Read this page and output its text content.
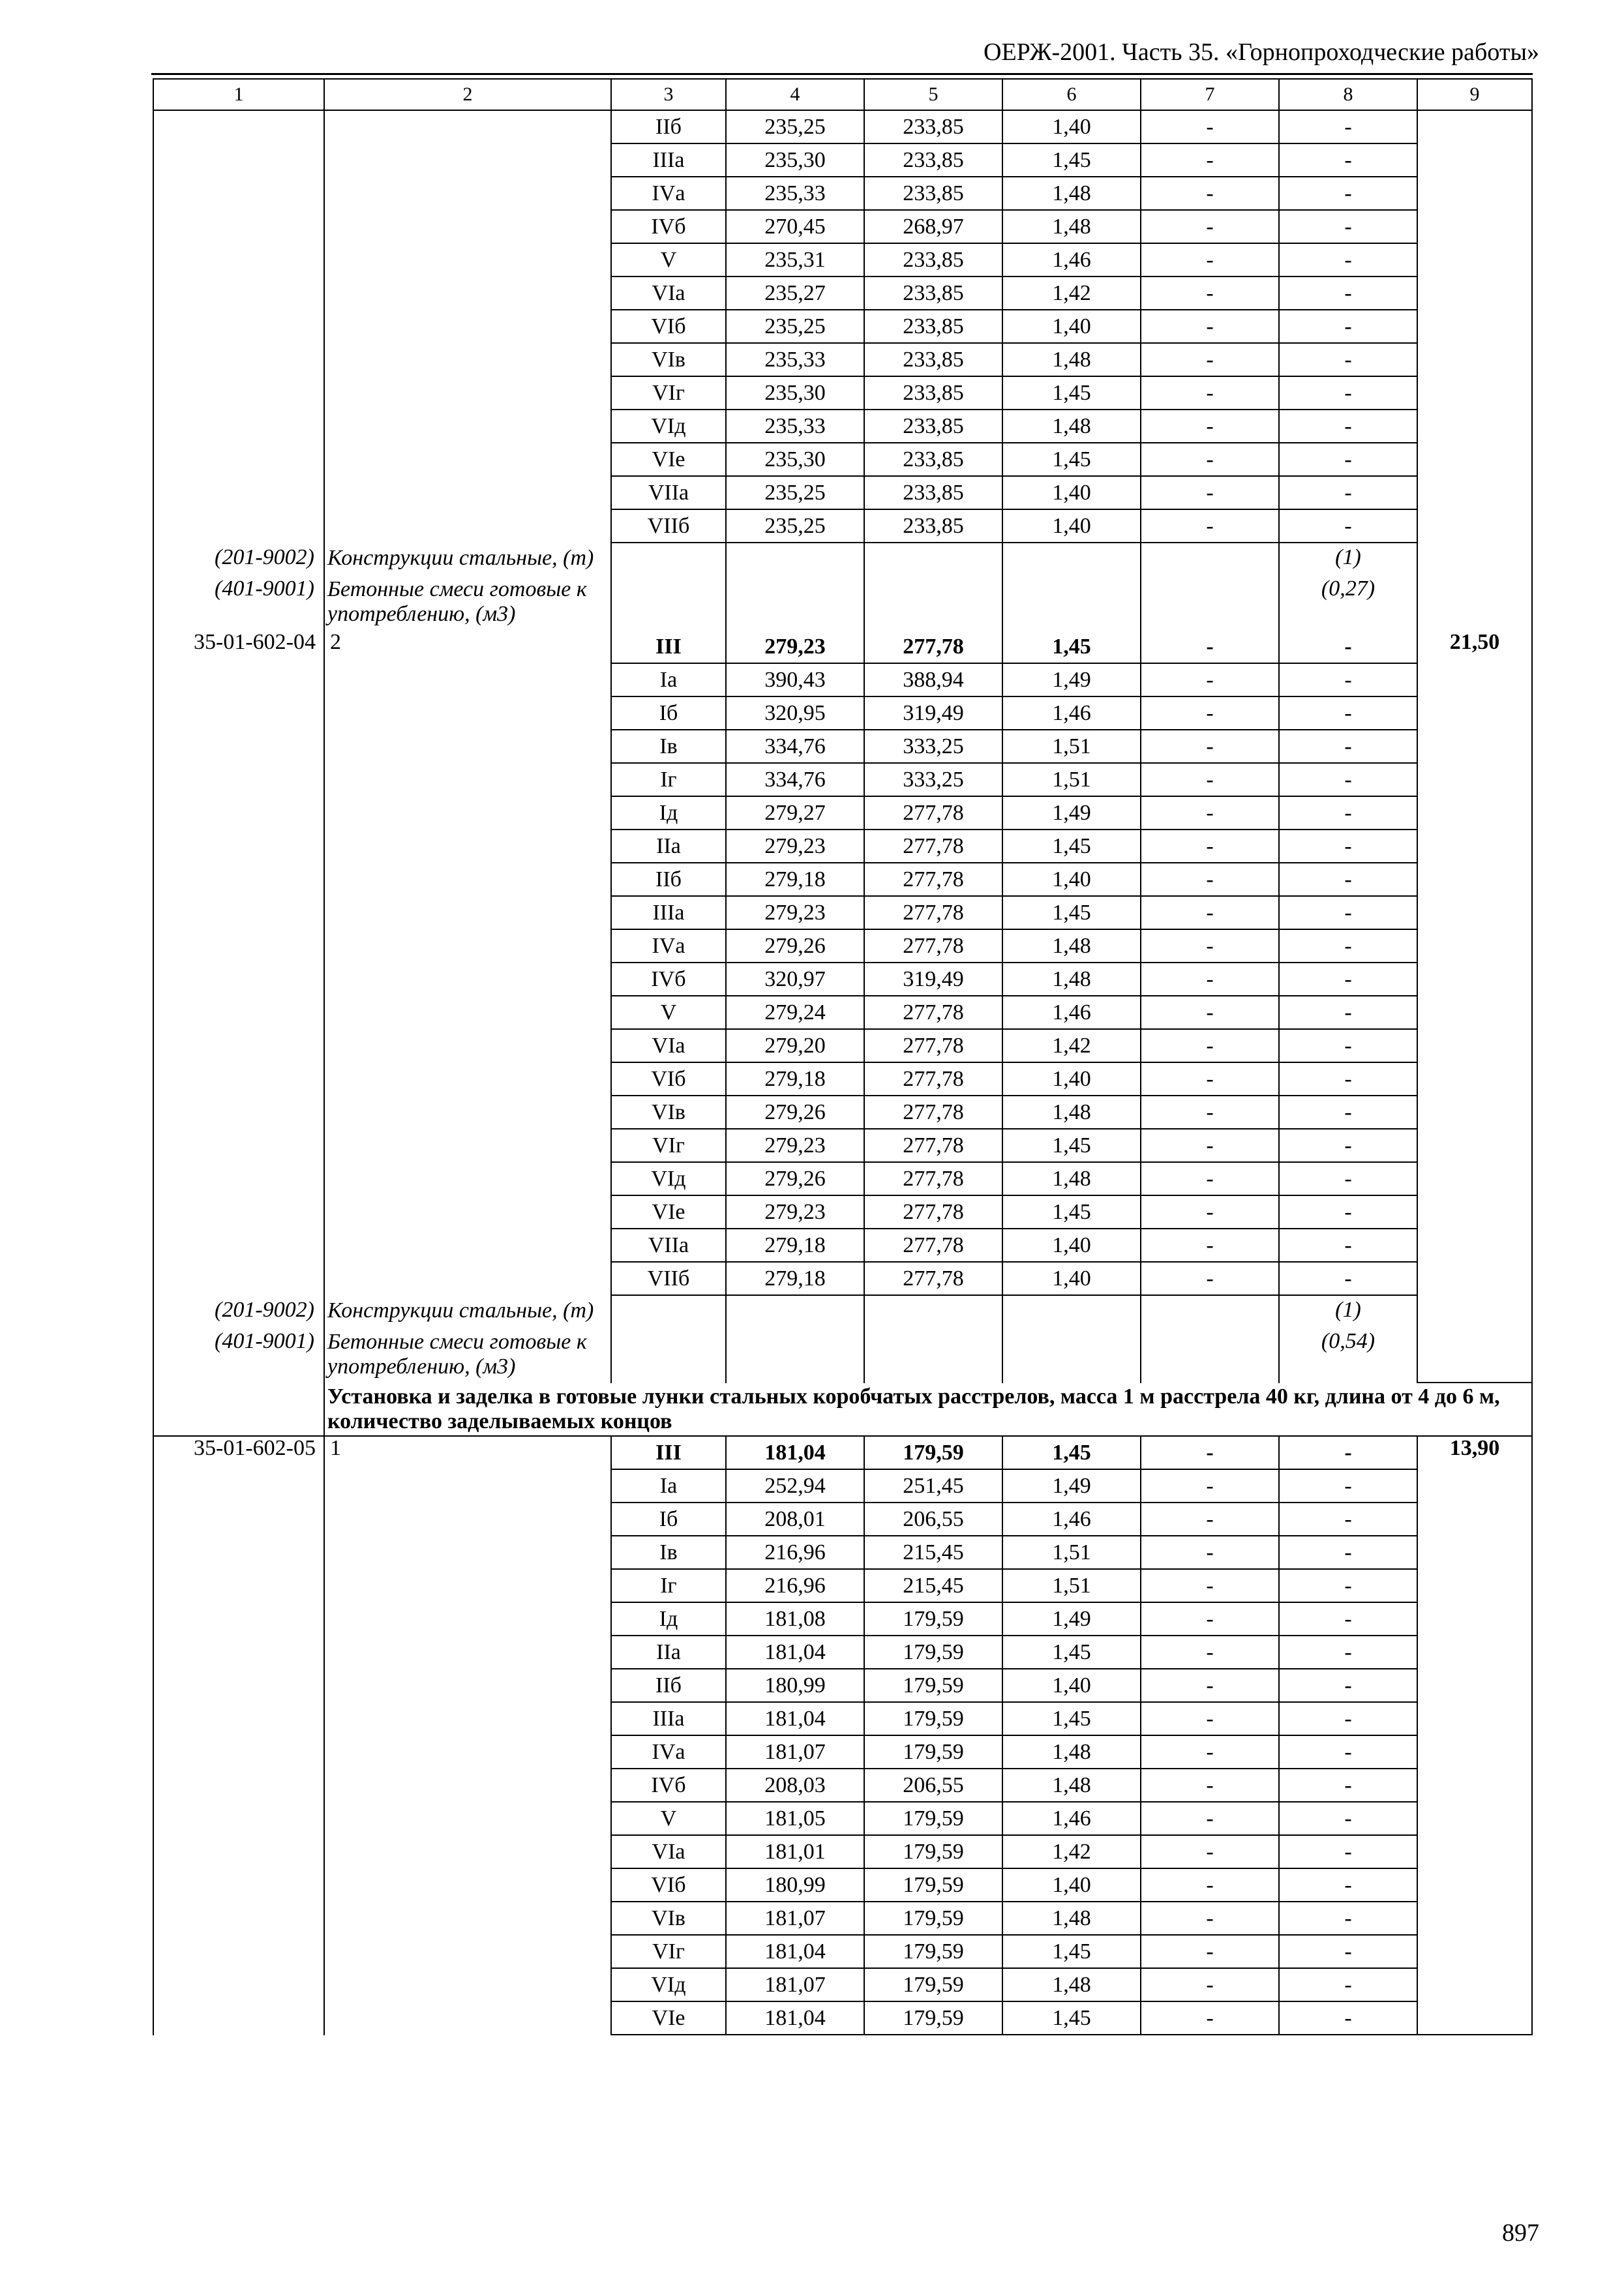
ОЕРЖ-2001. Часть 35. «Горнопроходческие работы»
1	2	3	4	5	6	7	8	9
		IIб	235,25	233,85	1,40	-	-	
		IIIа	235,30	233,85	1,45	-	-	
		IVа	235,33	233,85	1,48	-	-	
		IVб	270,45	268,97	1,48	-	-	
		V	235,31	233,85	1,46	-	-	
		VIа	235,27	233,85	1,42	-	-	
		VIб	235,25	233,85	1,40	-	-	
		VIв	235,33	233,85	1,48	-	-	
		VIг	235,30	233,85	1,45	-	-	
		VIд	235,33	233,85	1,48	-	-	
		VIе	235,30	233,85	1,45	-	-	
		VIIа	235,25	233,85	1,40	-	-	
		VIIб	235,25	233,85	1,40	-	-	
(201-9002)	Конструкции стальные, (т)						(1)	
(401-9001)	Бетонные смеси готовые к употреблению, (м3)						(0,27)	
35-01-602-04	2	III	279,23	277,78	1,45	-	-	21,50
		Iа	390,43	388,94	1,49	-	-	
		Iб	320,95	319,49	1,46	-	-	
		Iв	334,76	333,25	1,51	-	-	
		Iг	334,76	333,25	1,51	-	-	
		Iд	279,27	277,78	1,49	-	-	
		IIа	279,23	277,78	1,45	-	-	
		IIб	279,18	277,78	1,40	-	-	
		IIIа	279,23	277,78	1,45	-	-	
		IVа	279,26	277,78	1,48	-	-	
		IVб	320,97	319,49	1,48	-	-	
		V	279,24	277,78	1,46	-	-	
		VIа	279,20	277,78	1,42	-	-	
		VIб	279,18	277,78	1,40	-	-	
		VIв	279,26	277,78	1,48	-	-	
		VIг	279,23	277,78	1,45	-	-	
		VIд	279,26	277,78	1,48	-	-	
		VIе	279,23	277,78	1,45	-	-	
		VIIа	279,18	277,78	1,40	-	-	
		VIIб	279,18	277,78	1,40	-	-	
(201-9002)	Конструкции стальные, (т)						(1)	
(401-9001)	Бетонные смеси готовые к употреблению, (м3)						(0,54)	
	Установка и заделка в готовые лунки стальных коробчатых расстрелов, масса 1 м расстрела 40 кг, длина от 4 до 6 м, количество заделываемых концов							
35-01-602-05	1	III	181,04	179,59	1,45	-	-	13,90
		Iа	252,94	251,45	1,49	-	-	
		Iб	208,01	206,55	1,46	-	-	
		Iв	216,96	215,45	1,51	-	-	
		Iг	216,96	215,45	1,51	-	-	
		Iд	181,08	179,59	1,49	-	-	
		IIа	181,04	179,59	1,45	-	-	
		IIб	180,99	179,59	1,40	-	-	
		IIIа	181,04	179,59	1,45	-	-	
		IVа	181,07	179,59	1,48	-	-	
		IVб	208,03	206,55	1,48	-	-	
		V	181,05	179,59	1,46	-	-	
		VIа	181,01	179,59	1,42	-	-	
		VIб	180,99	179,59	1,40	-	-	
		VIв	181,07	179,59	1,48	-	-	
		VIг	181,04	179,59	1,45	-	-	
		VIд	181,07	179,59	1,48	-	-	
		VIе	181,04	179,59	1,45	-	-	
897
